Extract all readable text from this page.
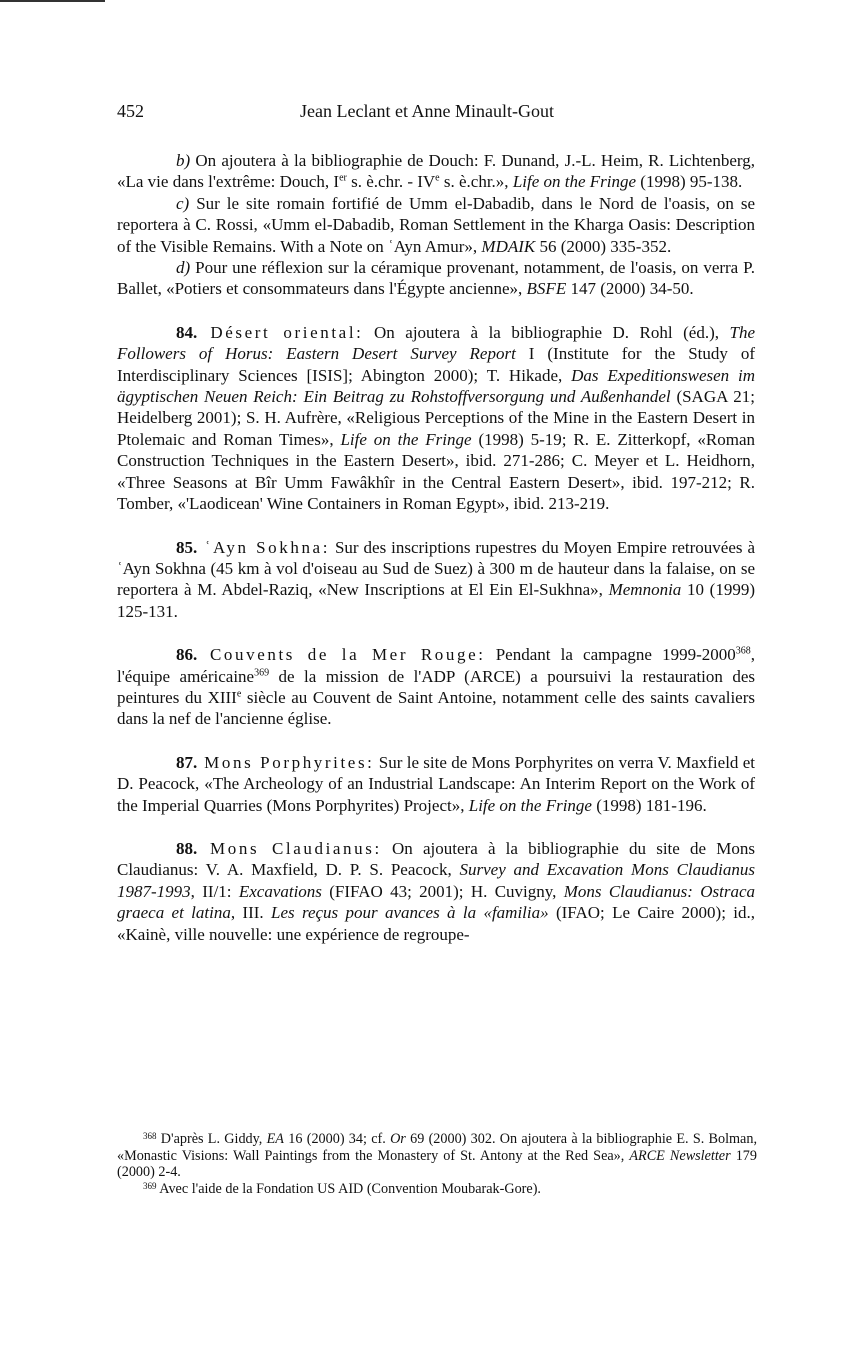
452	Jean Leclant et Anne Minault-Gout

b) On ajoutera à la bibliographie de Douch: F. Dunand, J.-L. Heim, R. Lichtenberg, «La vie dans l'extrême: Douch, Ier s. è.chr. - IVe s. è.chr.», Life on the Fringe (1998) 95-138.

c) Sur le site romain fortifié de Umm el-Dabadib, dans le Nord de l'oasis, on se reportera à C. Rossi, «Umm el-Dabadib, Roman Settlement in the Kharga Oasis: Description of the Visible Remains. With a Note on ʿAyn Amur», MDAIK 56 (2000) 335-352.

d) Pour une réflexion sur la céramique provenant, notamment, de l'oasis, on verra P. Ballet, «Potiers et consommateurs dans l'Égypte ancienne», BSFE 147 (2000) 34-50.

84. Désert oriental: On ajoutera à la bibliographie D. Rohl (éd.), The Followers of Horus: Eastern Desert Survey Report I (Institute for the Study of Interdisciplinary Sciences [ISIS]; Abington 2000); T. Hikade, Das Expeditionswesen im ägyptischen Neuen Reich: Ein Beitrag zu Rohstoffversorgung und Außenhandel (SAGA 21; Heidelberg 2001); S. H. Aufrère, «Religious Perceptions of the Mine in the Eastern Desert in Ptolemaic and Roman Times», Life on the Fringe (1998) 5-19; R. E. Zitterkopf, «Roman Construction Techniques in the Eastern Desert», ibid. 271-286; C. Meyer et L. Heidhorn, «Three Seasons at Bîr Umm Fawâkhîr in the Central Eastern Desert», ibid. 197-212; R. Tomber, «'Laodicean' Wine Containers in Roman Egypt», ibid. 213-219.

85. ʿAyn Sokhna: Sur des inscriptions rupestres du Moyen Empire retrouvées à ʿAyn Sokhna (45 km à vol d'oiseau au Sud de Suez) à 300 m de hauteur dans la falaise, on se reportera à M. Abdel-Raziq, «New Inscriptions at El Ein El-Sukhna», Memnonia 10 (1999) 125-131.

86. Couvents de la Mer Rouge: Pendant la campagne 1999-2000$^{368}$, l'équipe américaine$^{369}$ de la mission de l'ADP (ARCE) a poursuivi la restauration des peintures du XIIIe siècle au Couvent de Saint Antoine, notamment celle des saints cavaliers dans la nef de l'ancienne église.

87. Mons Porphyrites: Sur le site de Mons Porphyrites on verra V. Maxfield et D. Peacock, «The Archeology of an Industrial Landscape: An Interim Report on the Work of the Imperial Quarries (Mons Porphyrites) Project», Life on the Fringe (1998) 181-196.

88. Mons Claudianus: On ajoutera à la bibliographie du site de Mons Claudianus: V. A. Maxfield, D. P. S. Peacock, Survey and Excavation Mons Claudianus 1987-1993, II/1: Excavations (FIFAO 43; 2001); H. Cuvigny, Mons Claudianus: Ostraca graeca et latina, III. Les reçus pour avances à la «familia» (IFAO; Le Caire 2000); id., «Kainè, ville nouvelle: une expérience de regroupe-

$^{368}$ D'après L. Giddy, EA 16 (2000) 34; cf. Or 69 (2000) 302. On ajoutera à la bibliographie E. S. Bolman, «Monastic Visions: Wall Paintings from the Monastery of St. Antony at the Red Sea», ARCE Newsletter 179 (2000) 2-4.

$^{369}$ Avec l'aide de la Fondation US AID (Convention Moubarak-Gore).
